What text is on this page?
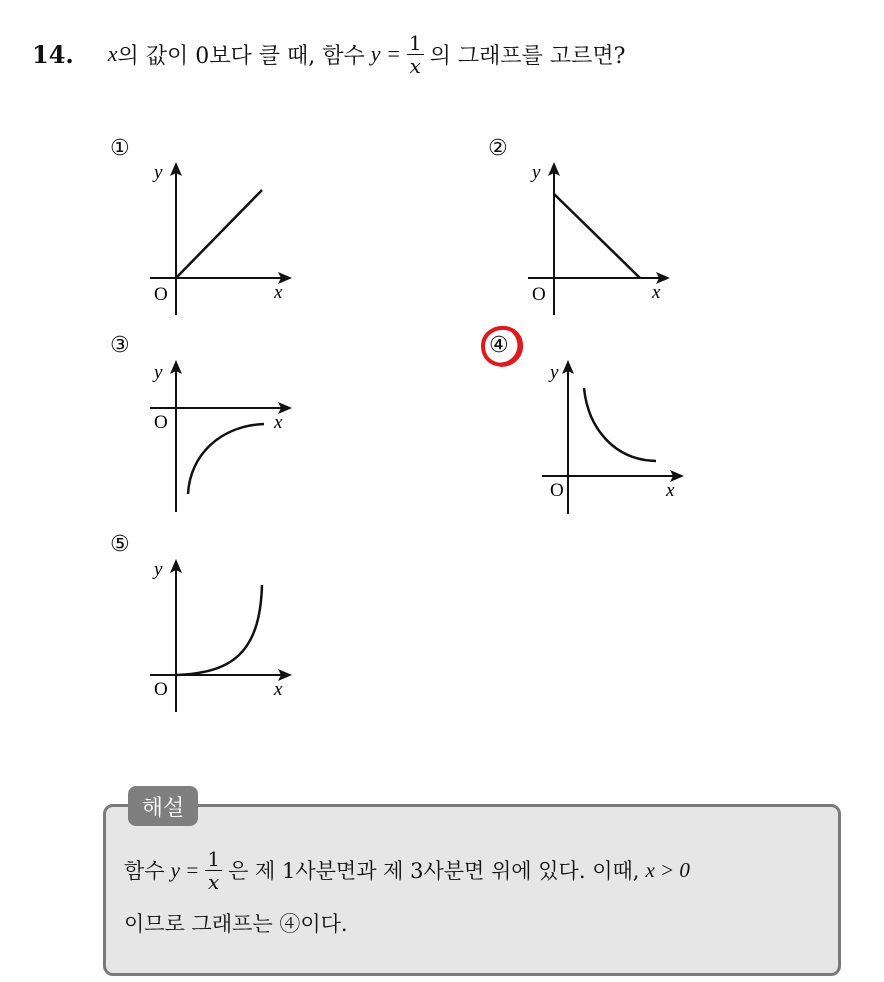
14. x 의 값이 0보다 클 때, 함수 $y = \frac{1}{x}$ 의 그래프를 고르면?
①	②
③	④
⑤
y
x
O
y
x
O
y
x
O
y
x
O
y
x
O
해설
함수 $y = \frac{1}{x}$ 은 제 1사분면과 제 3사분면 위에 있다. 이때, x > 0
이므로 그래프는 ④이다.
